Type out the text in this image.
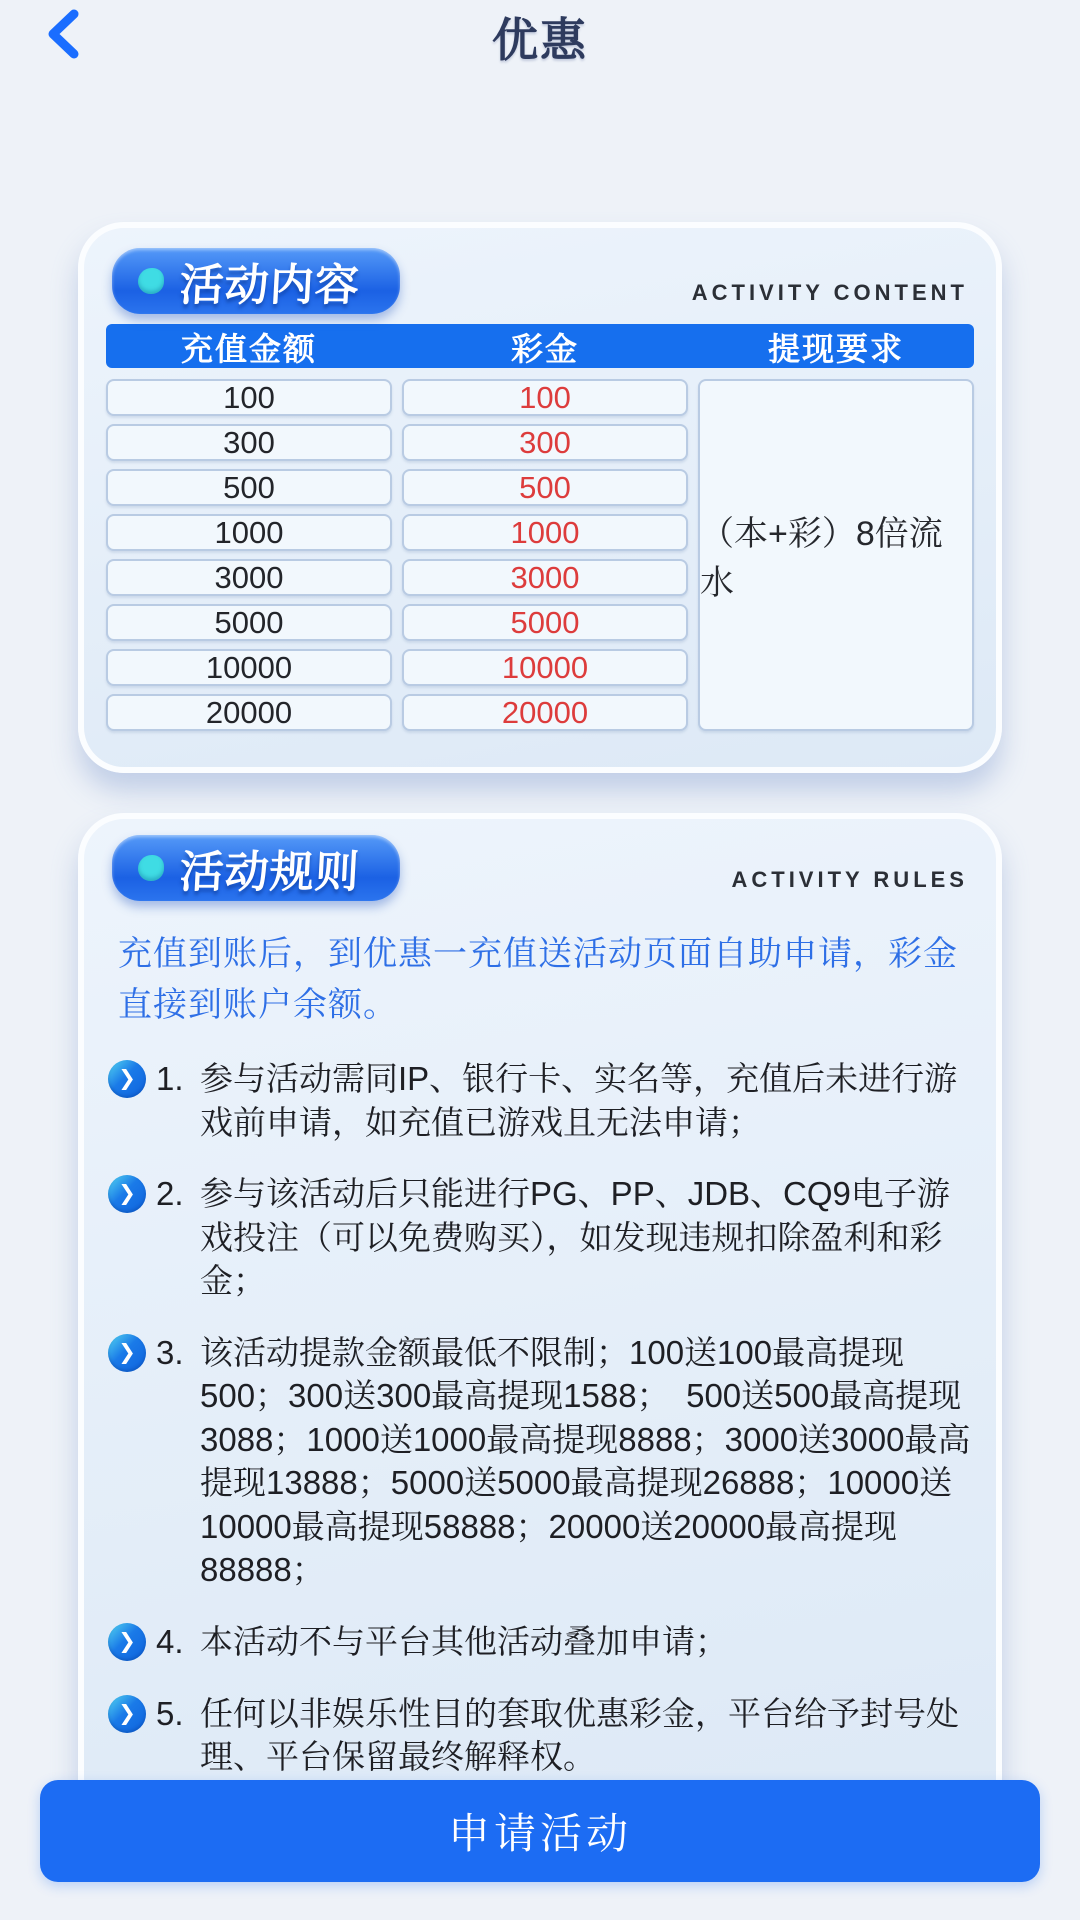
优惠
活动内容	ACTIVITY CONTENT
充值金额	彩金	提现要求
（本+彩）8倍流水
100	100
300	300
500	500
1000	1000
3000	3000
5000	5000
10000	10000
20000	20000
活动规则	ACTIVITY RULES

充值到账后，到优惠一充值送活动页面自助申请，彩金直接到账户余额。

❯ 1. 参与活动需同IP、银行卡、实名等，充值后未进行游戏前申请，如充值已游戏且无法申请；
❯ 2. 参与该活动后只能进行PG、PP、JDB、CQ9电子游戏投注（可以免费购买），如发现违规扣除盈利和彩金；
❯ 3. 该活动提款金额最低不限制；100送100最高提现500；300送300最高提现1588；　500送500最高提现3088；1000送1000最高提现8888；3000送3000最高提现13888；5000送5000最高提现26888；10000送10000最高提现58888；20000送20000最高提现88888；
❯ 4. 本活动不与平台其他活动叠加申请；
❯ 5. 任何以非娱乐性目的套取优惠彩金，平台给予封号处理、平台保留最终解释权。
申请活动
